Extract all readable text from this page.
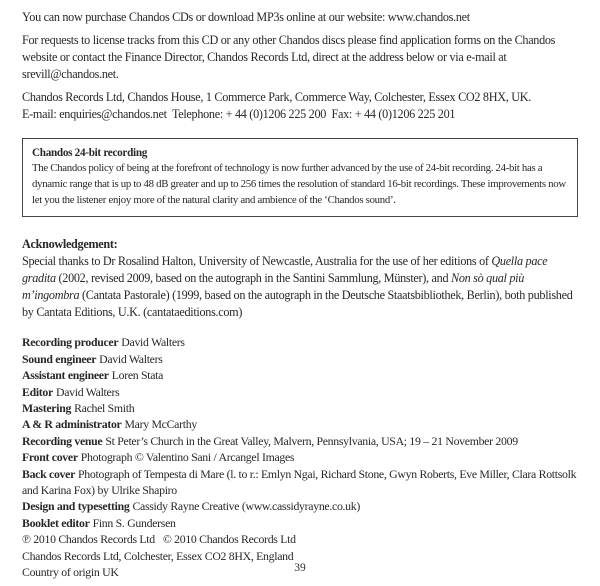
You can now purchase Chandos CDs or download MP3s online at our website: www.chandos.net

For requests to license tracks from this CD or any other Chandos discs please find application forms on the Chandos website or contact the Finance Director, Chandos Records Ltd, direct at the address below or via e-mail at srevill@chandos.net.

Chandos Records Ltd, Chandos House, 1 Commerce Park, Commerce Way, Colchester, Essex CO2 8HX, UK.
E-mail: enquiries@chandos.net  Telephone: + 44 (0)1206 225 200  Fax: + 44 (0)1206 225 201

Chandos 24-bit recording
The Chandos policy of being at the forefront of technology is now further advanced by the use of 24-bit recording. 24-bit has a dynamic range that is up to 48 dB greater and up to 256 times the resolution of standard 16-bit recordings. These improvements now let you the listener enjoy more of the natural clarity and ambience of the ‘Chandos sound’.
Acknowledgement:
Special thanks to Dr Rosalind Halton, University of Newcastle, Australia for the use of her editions of Quella pace gradita (2002, revised 2009, based on the autograph in the Santini Sammlung, Münster), and Non sò qual più m’ingombra (Cantata Pastorale) (1999, based on the autograph in the Deutsche Staatsbibliothek, Berlin), both published by Cantata Editions, U.K. (cantataeditions.com)
Recording producer David Walters
Sound engineer David Walters
Assistant engineer Loren Stata
Editor David Walters
Mastering Rachel Smith
A & R administrator Mary McCarthy
Recording venue St Peter’s Church in the Great Valley, Malvern, Pennsylvania, USA; 19 – 21 November 2009
Front cover Photograph © Valentino Sani / Arcangel Images
Back cover Photograph of Tempesta di Mare (l. to r.: Emlyn Ngai, Richard Stone, Gwyn Roberts, Eve Miller, Clara Rottsolk and Karina Fox) by Ulrike Shapiro
Design and typesetting Cassidy Rayne Creative (www.cassidyrayne.co.uk)
Booklet editor Finn S. Gundersen
℗ 2010 Chandos Records Ltd   © 2010 Chandos Records Ltd
Chandos Records Ltd, Colchester, Essex CO2 8HX, England
Country of origin UK	39
